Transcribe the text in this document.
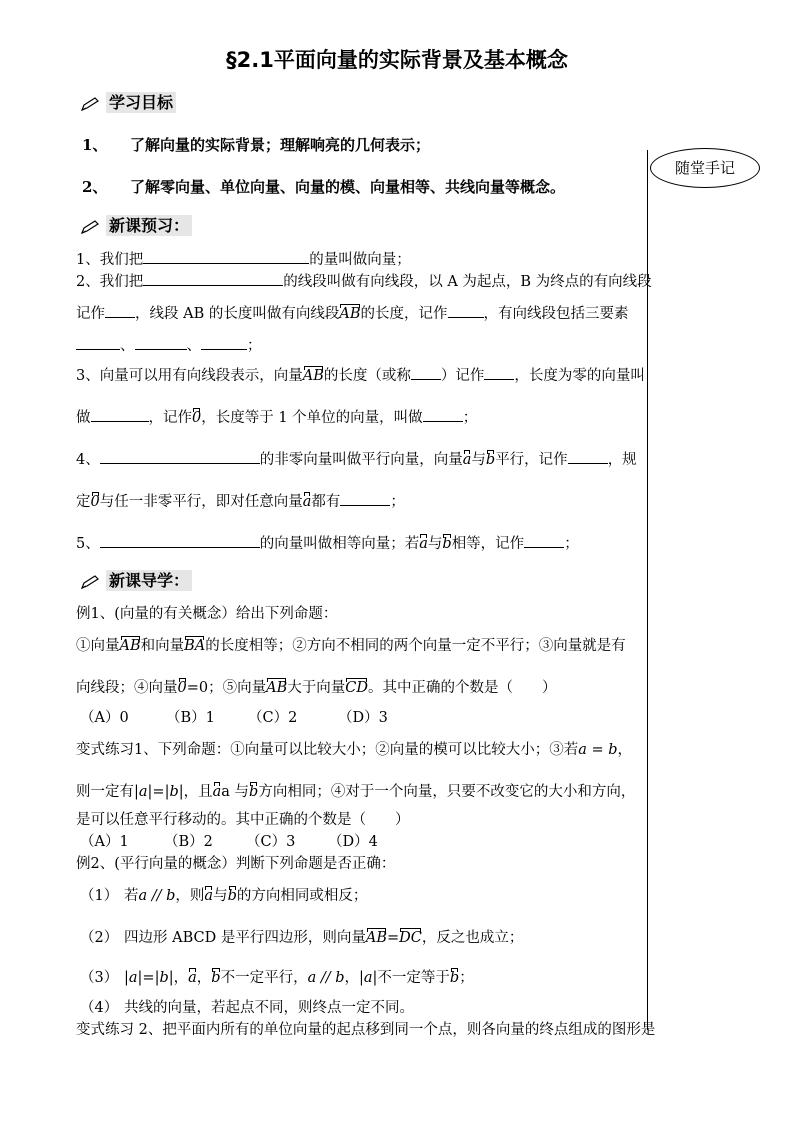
§2.1平面向量的实际背景及基本概念
学习目标
1、 了解向量的实际背景；理解响亮的几何表示；
2、 了解零向量、单位向量、向量的模、向量相等、共线向量等概念。
随堂手记
新课预习：
1、我们把	的量叫做向量；
2、我们把	的线段叫做有向线段，以 A 为起点，B 为终点的有向线段
记作 ，线段 AB 的长度叫做有向线段AB的长度，记作 ，有向线段包括三要素
、	、	；
3、向量可以用有向线段表示，向量AB的长度（或称 ）记作 ，长度为零的向量叫
做	，记作0，长度等于 1 个单位的向量，叫做	；
4、	的非零向量叫做平行向量，向量a与b平行，记作	，规
定0与任一非零平行，即对任意向量a都有	；
5、	的向量叫做相等向量；若a与b相等，记作	；
新课导学：
例1、(向量的有关概念）给出下列命题：
①向量AB和向量BA的长度相等；②方向不相同的两个向量一定不平行；③向量就是有
向线段；④向量0=0；⑤向量AB大于向量CD。其中正确的个数是（　　）
（A）0	（B）1 （C）2	（D）3
变式练习1、下列命题：①向量可以比较大小；②向量的模可以比较大小；③若a = b，
则一定有|a|=|b|，且aa 与b方向相同；④对于一个向量，只要不改变它的大小和方向，
是可以任意平行移动的。其中正确的个数是（　　）
（A）1 （B）2 （C）3 （D）4
例2、(平行向量的概念）判断下列命题是否正确：
（1） 若a // b，则a与b的方向相同或相反；
（2） 四边形 ABCD 是平行四边形，则向量AB=DC，反之也成立；
（3） |a|=|b|，a，b不一定平行，a // b，|a|不一定等于b；
（4） 共线的向量，若起点不同，则终点一定不同。
变式练习 2、把平面内所有的单位向量的起点移到同一个点，则各向量的终点组成的图形是
